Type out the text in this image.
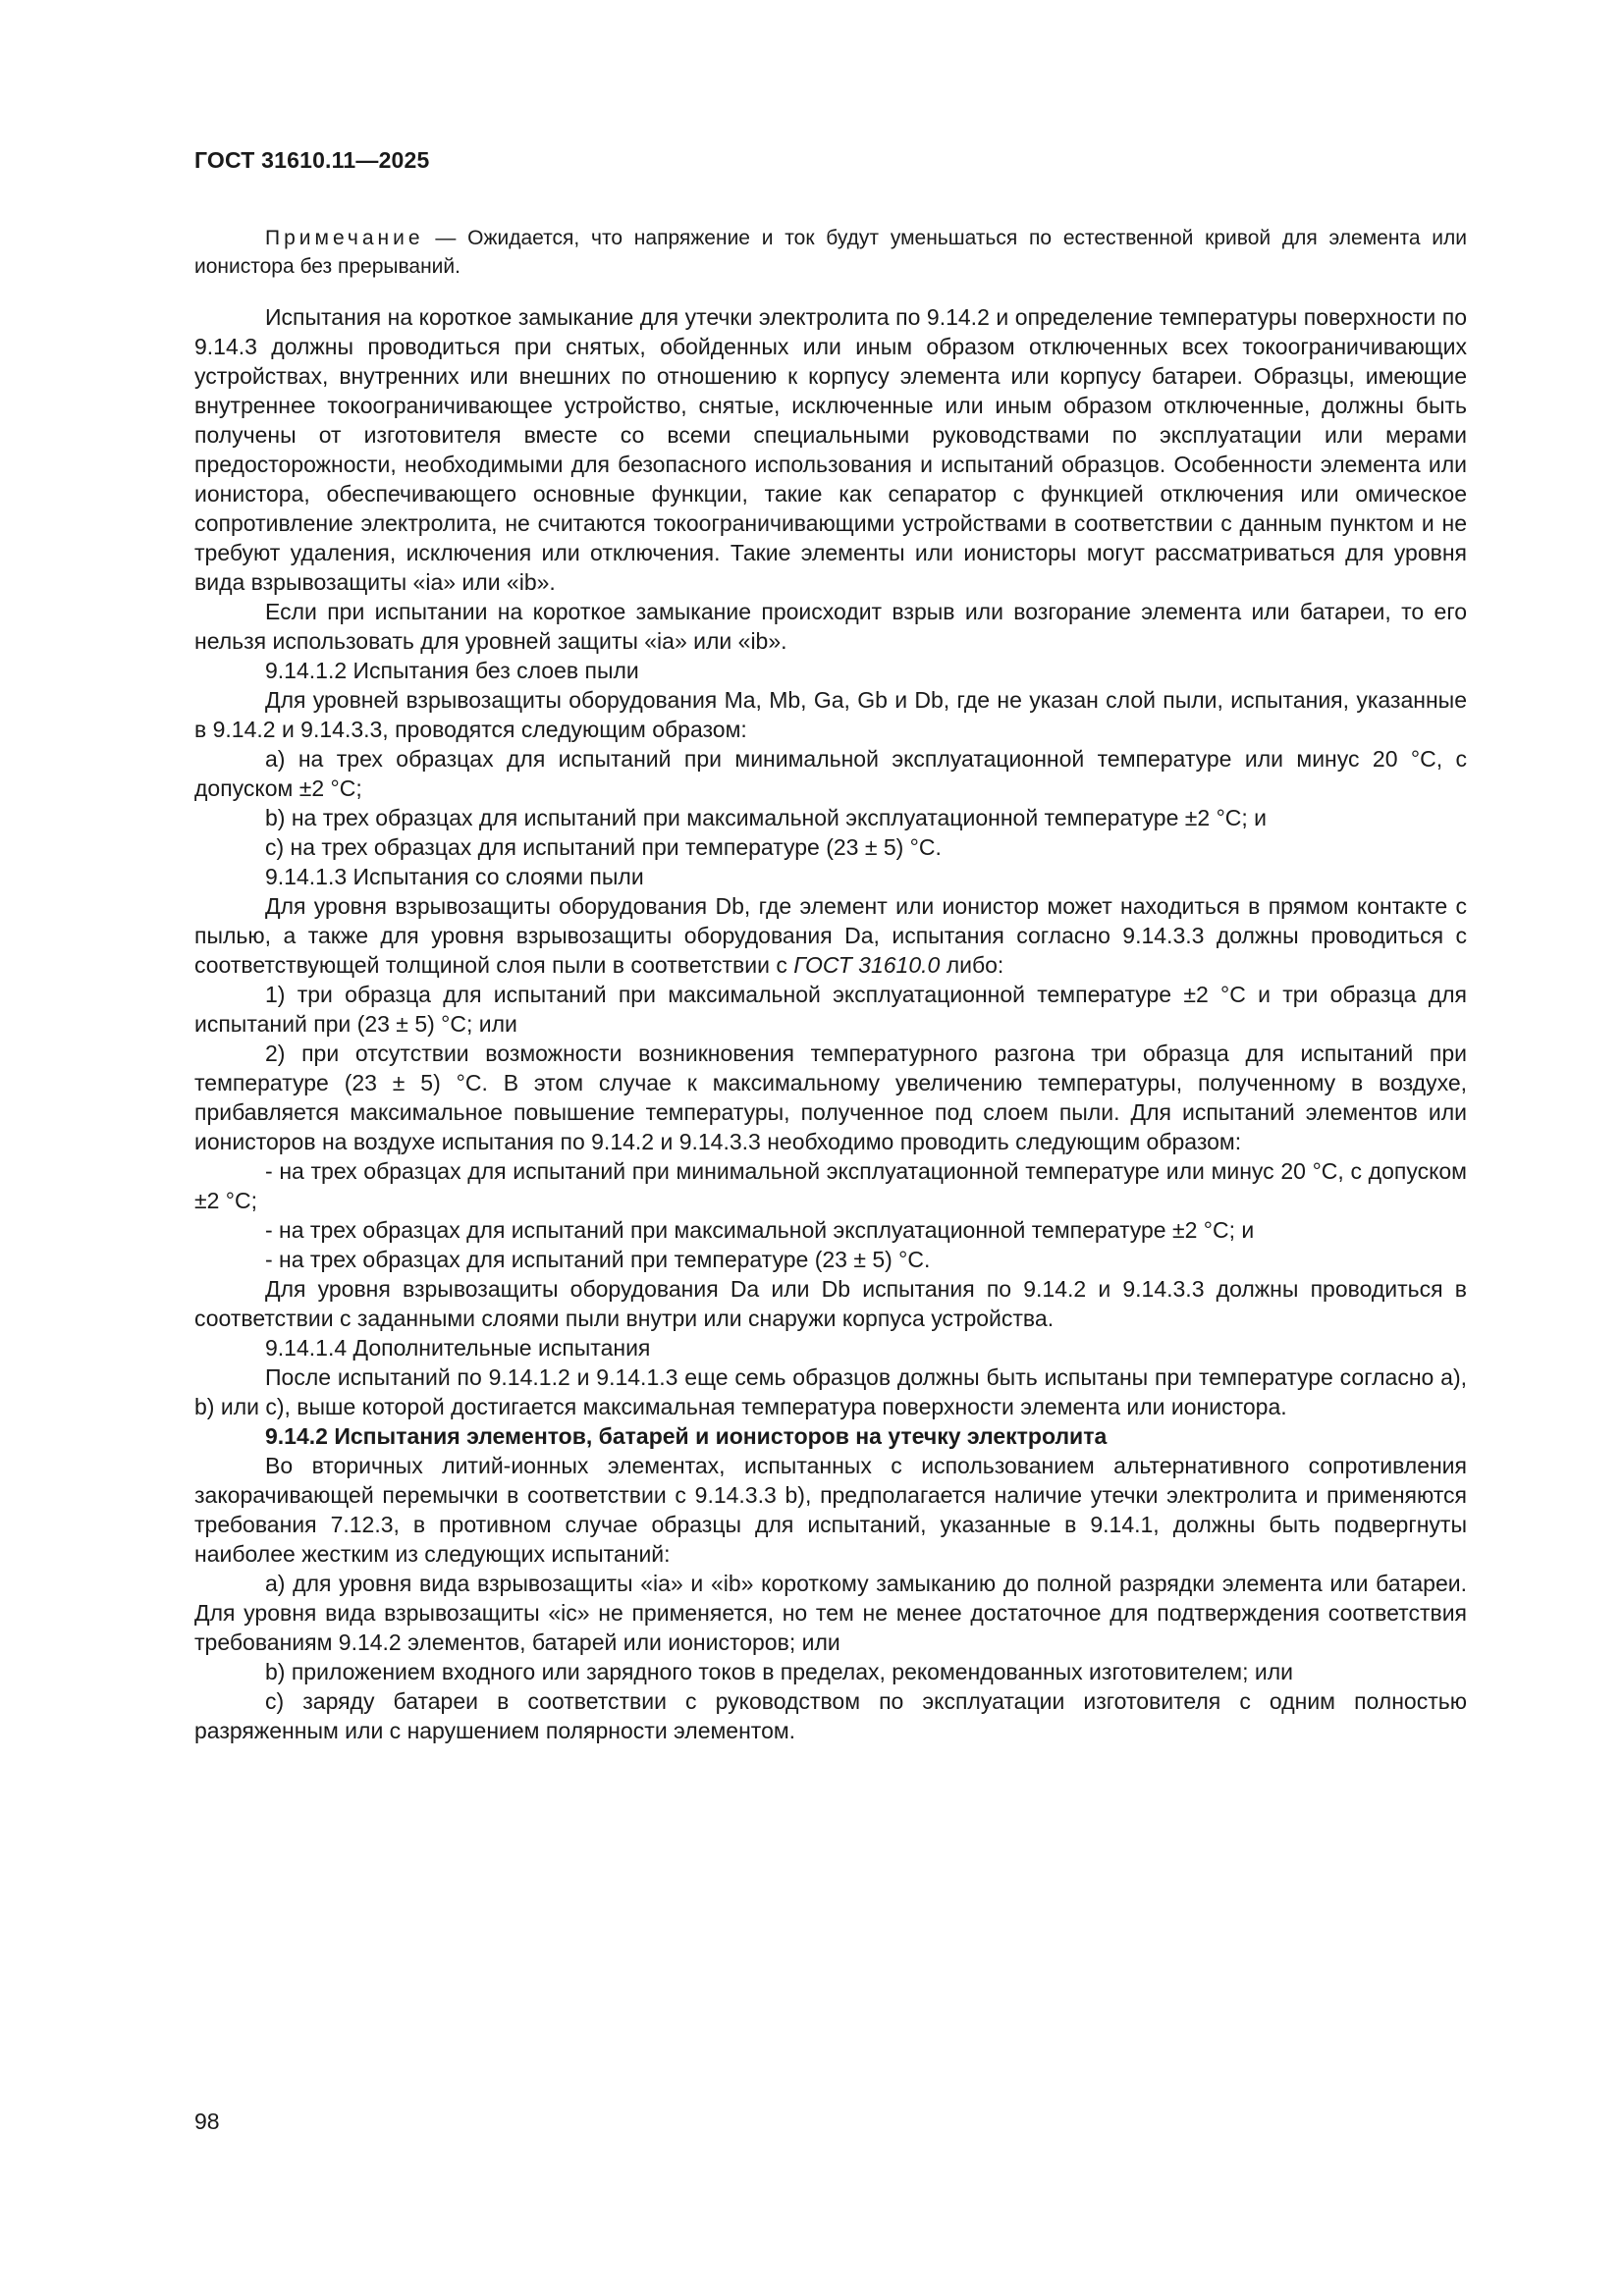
ГОСТ 31610.11—2025

Примечание — Ожидается, что напряжение и ток будут уменьшаться по естественной кривой для элемента или ионистора без прерываний.

Испытания на короткое замыкание для утечки электролита по 9.14.2 и определение температуры поверхности по 9.14.3 должны проводиться при снятых, обойденных или иным образом отключенных всех токоограничивающих устройствах, внутренних или внешних по отношению к корпусу элемента или корпусу батареи. Образцы, имеющие внутреннее токоограничивающее устройство, снятые, исключенные или иным образом отключенные, должны быть получены от изготовителя вместе со всеми специальными руководствами по эксплуатации или мерами предосторожности, необходимыми для безопасного использования и испытаний образцов. Особенности элемента или ионистора, обеспечивающего основные функции, такие как сепаратор с функцией отключения или омическое сопротивление электролита, не считаются токоограничивающими устройствами в соответствии с данным пунктом и не требуют удаления, исключения или отключения. Такие элементы или ионисторы могут рассматриваться для уровня вида взрывозащиты «ia» или «ib».

Если при испытании на короткое замыкание происходит взрыв или возгорание элемента или батареи, то его нельзя использовать для уровней защиты «ia» или «ib».

9.14.1.2 Испытания без слоев пыли

Для уровней взрывозащиты оборудования Ma, Mb, Ga, Gb и Db, где не указан слой пыли, испытания, указанные в 9.14.2 и 9.14.3.3, проводятся следующим образом:

а) на трех образцах для испытаний при минимальной эксплуатационной температуре или минус 20 °С, с допуском ±2 °С;

b) на трех образцах для испытаний при максимальной эксплуатационной температуре ±2 °С; и

с) на трех образцах для испытаний при температуре (23 ± 5) °С.

9.14.1.3 Испытания со слоями пыли

Для уровня взрывозащиты оборудования Db, где элемент или ионистор может находиться в прямом контакте с пылью, а также для уровня взрывозащиты оборудования Da, испытания согласно 9.14.3.3 должны проводиться с соответствующей толщиной слоя пыли в соответствии с ГОСТ 31610.0 либо:

1) три образца для испытаний при максимальной эксплуатационной температуре ±2 °С и три образца для испытаний при (23 ± 5) °С; или

2) при отсутствии возможности возникновения температурного разгона три образца для испытаний при температуре (23 ± 5) °С. В этом случае к максимальному увеличению температуры, полученному в воздухе, прибавляется максимальное повышение температуры, полученное под слоем пыли. Для испытаний элементов или ионисторов на воздухе испытания по 9.14.2 и 9.14.3.3 необходимо проводить следующим образом:

- на трех образцах для испытаний при минимальной эксплуатационной температуре или минус 20 °С, с допуском ±2 °С;

- на трех образцах для испытаний при максимальной эксплуатационной температуре ±2 °С; и

- на трех образцах для испытаний при температуре (23 ± 5) °С.

Для уровня взрывозащиты оборудования Da или Db испытания по 9.14.2 и 9.14.3.3 должны проводиться в соответствии с заданными слоями пыли внутри или снаружи корпуса устройства.

9.14.1.4 Дополнительные испытания

После испытаний по 9.14.1.2 и 9.14.1.3 еще семь образцов должны быть испытаны при температуре согласно а), b) или с), выше которой достигается максимальная температура поверхности элемента или ионистора.

9.14.2 Испытания элементов, батарей и ионисторов на утечку электролита

Во вторичных литий-ионных элементах, испытанных с использованием альтернативного сопротивления закорачивающей перемычки в соответствии с 9.14.3.3 b), предполагается наличие утечки электролита и применяются требования 7.12.3, в противном случае образцы для испытаний, указанные в 9.14.1, должны быть подвергнуты наиболее жестким из следующих испытаний:

а) для уровня вида взрывозащиты «ia» и «ib» короткому замыканию до полной разрядки элемента или батареи. Для уровня вида взрывозащиты «ic» не применяется, но тем не менее достаточное для подтверждения соответствия требованиям 9.14.2 элементов, батарей или ионисторов; или

b) приложением входного или зарядного токов в пределах, рекомендованных изготовителем; или

с) заряду батареи в соответствии с руководством по эксплуатации изготовителя с одним полностью разряженным или с нарушением полярности элементом.

98
